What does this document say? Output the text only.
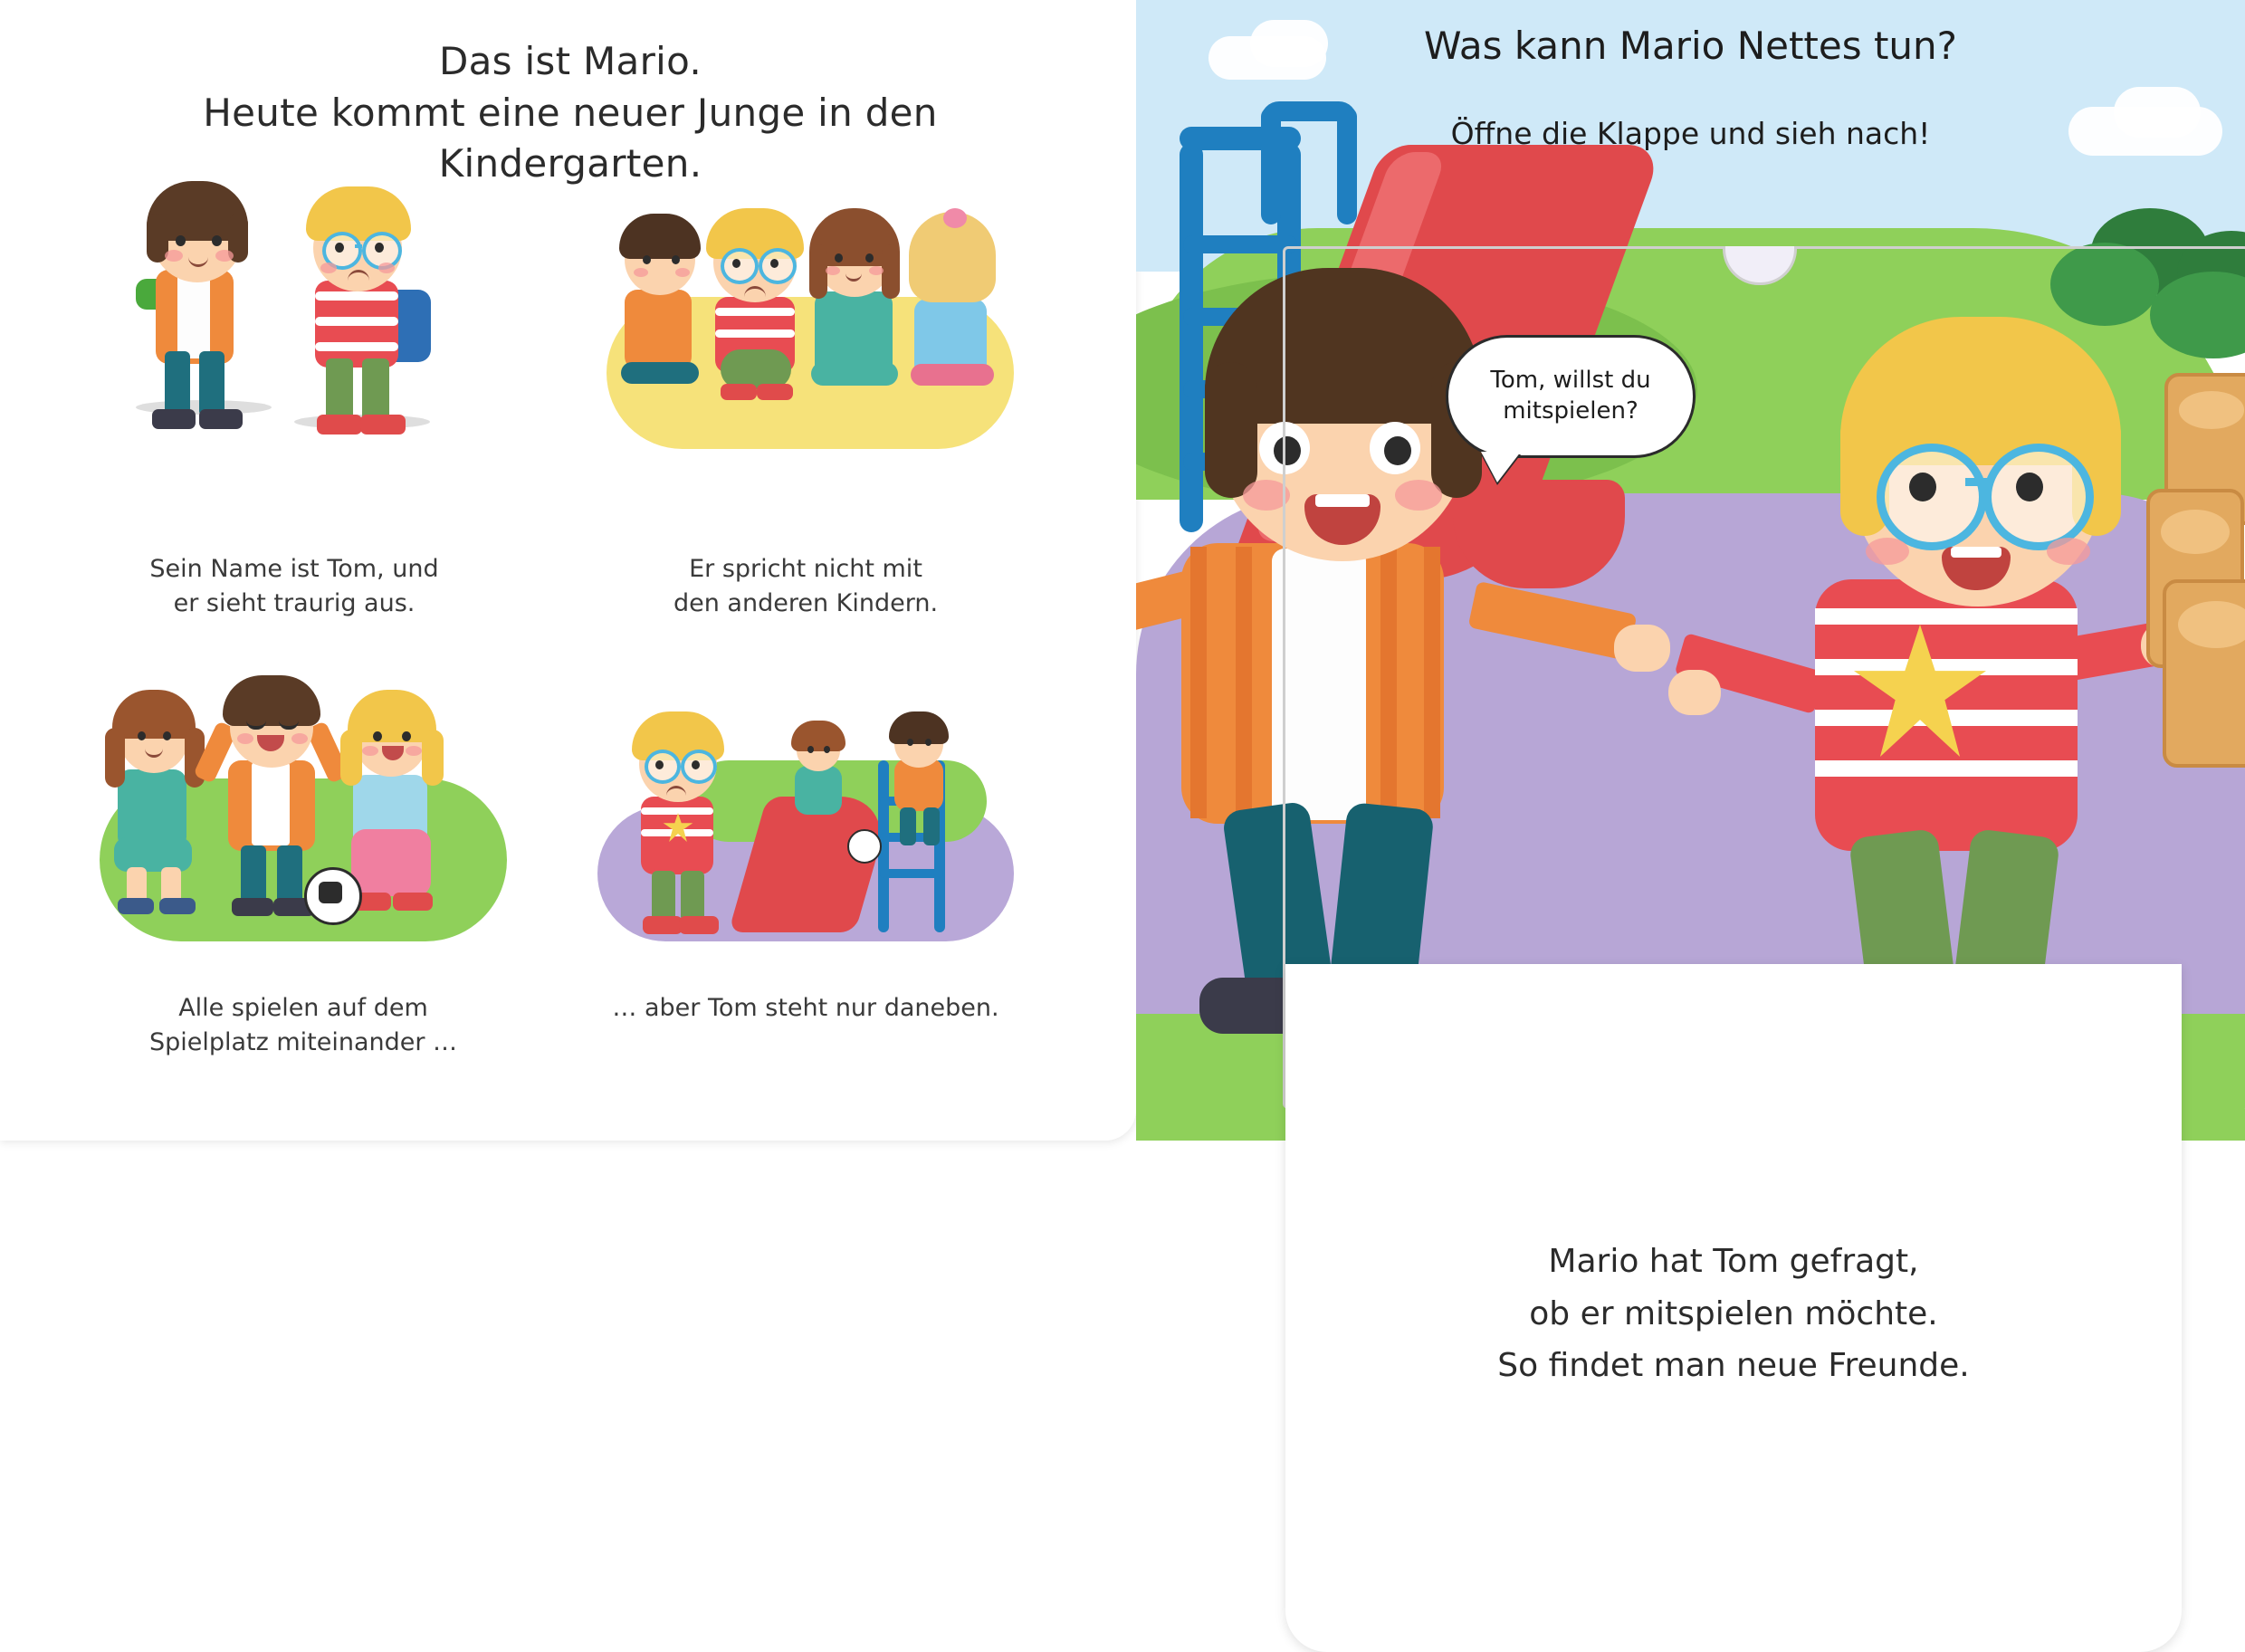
Das ist Mario.
Heute kommt eine neuer Junge in den Kindergarten.
Sein Name ist Tom, und
er sieht traurig aus.
Er spricht nicht mit
den anderen Kindern.
Alle spielen auf dem
Spielplatz miteinander …
… aber Tom steht nur daneben.
Was kann Mario Nettes tun?
Öffne die Klappe und sieh nach!
Tom, willst du
mitspielen?
Mario hat Tom gefragt,
ob er mitspielen möchte.
So findet man neue Freunde.
